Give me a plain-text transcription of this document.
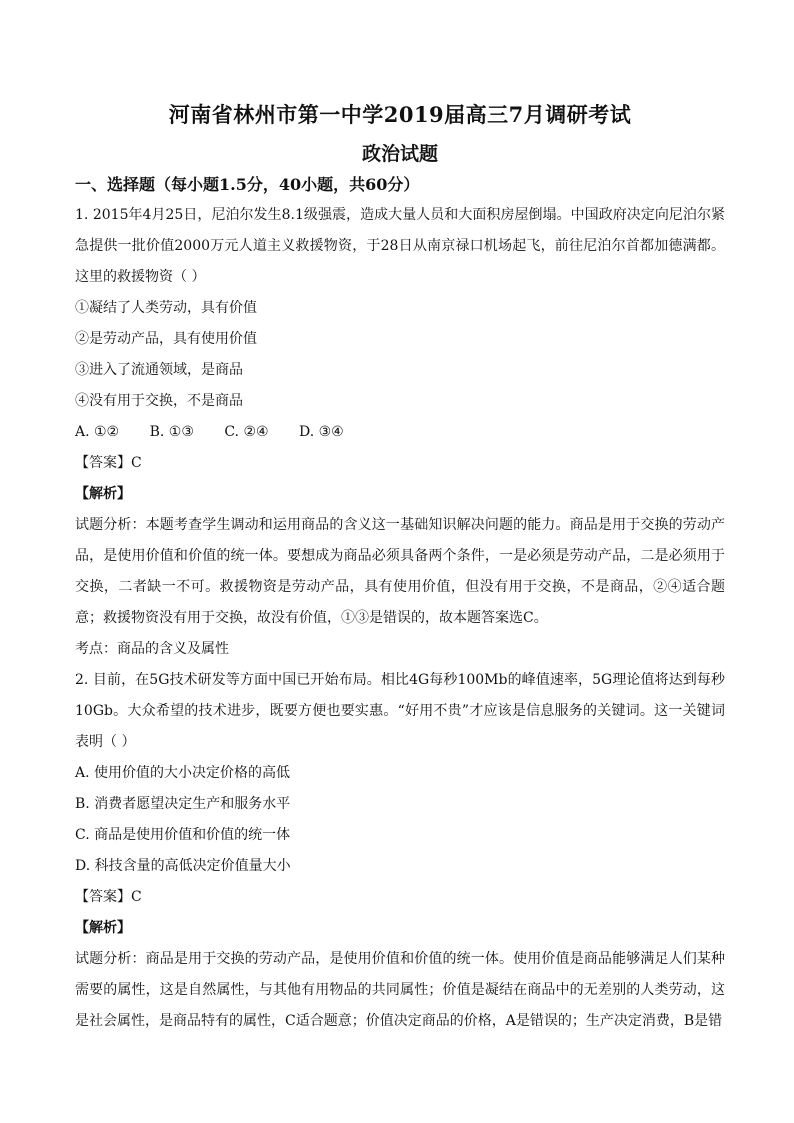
河南省林州市第一中学2019届高三7月调研考试
政治试题

一、选择题（每小题1.5分，40小题，共60分）

1. 2015年4月25日，尼泊尔发生8.1级强震，造成大量人员和大面积房屋倒塌。中国政府决定向尼泊尔紧急提供一批价值2000万元人道主义救援物资，于28日从南京禄口机场起飞，前往尼泊尔首都加德满都。这里的救援物资（ ）

①凝结了人类劳动，具有价值

②是劳动产品，具有使用价值

③进入了流通领域，是商品

④没有用于交换，不是商品

A. ①② B. ①③ C. ②④ D. ③④

【答案】C

【解析】

试题分析：本题考查学生调动和运用商品的含义这一基础知识解决问题的能力。商品是用于交换的劳动产品，是使用价值和价值的统一体。要想成为商品必须具备两个条件，一是必须是劳动产品，二是必须用于交换，二者缺一不可。救援物资是劳动产品，具有使用价值，但没有用于交换，不是商品，②④适合题意；救援物资没有用于交换，故没有价值，①③是错误的，故本题答案选C。

考点：商品的含义及属性

2. 目前，在5G技术研发等方面中国已开始布局。相比4G每秒100Mb的峰值速率，5G理论值将达到每秒10Gb。大众希望的技术进步，既要方便也要实惠。“好用不贵”才应该是信息服务的关键词。这一关键词表明（ ）

A. 使用价值的大小决定价格的高低

B. 消费者愿望决定生产和服务水平

C. 商品是使用价值和价值的统一体

D. 科技含量的高低决定价值量大小

【答案】C

【解析】

试题分析：商品是用于交换的劳动产品，是使用价值和价值的统一体。使用价值是商品能够满足人们某种需要的属性，这是自然属性，与其他有用物品的共同属性；价值是凝结在商品中的无差别的人类劳动，这是社会属性，是商品特有的属性，C适合题意；价值决定商品的价格，A是错误的；生产决定消费，B是错
